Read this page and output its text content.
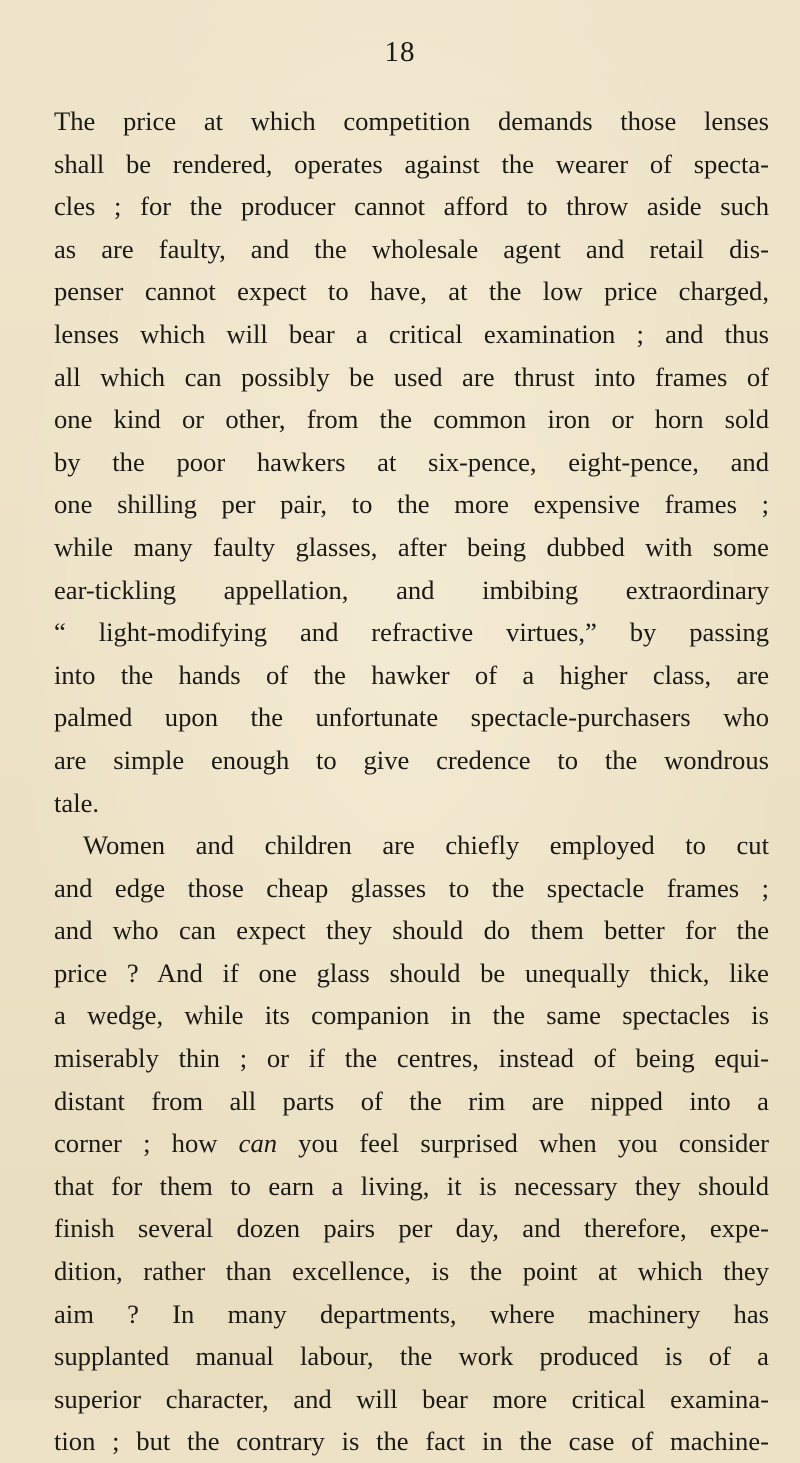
18
The price at which competition demands those lenses
shall be rendered, operates against the wearer of specta-
cles ; for the producer cannot afford to throw aside such
as are faulty, and the wholesale agent and retail dis-
penser cannot expect to have, at the low price charged,
lenses which will bear a critical examination ; and thus
all which can possibly be used are thrust into frames of
one kind or other, from the common iron or horn sold
by the poor hawkers at six-pence, eight-pence, and
one shilling per pair, to the more expensive frames ;
while many faulty glasses, after being dubbed with some
ear-tickling appellation, and imbibing extraordinary
“ light-modifying and refractive virtues,” by passing
into the hands of the hawker of a higher class, are
palmed upon the unfortunate spectacle-purchasers who
are simple enough to give credence to the wondrous
tale.
Women and children are chiefly employed to cut
and edge those cheap glasses to the spectacle frames ;
and who can expect they should do them better for the
price ? And if one glass should be unequally thick, like
a wedge, while its companion in the same spectacles is
miserably thin ; or if the centres, instead of being equi-
distant from all parts of the rim are nipped into a
corner ; how can you feel surprised when you consider
that for them to earn a living, it is necessary they should
finish several dozen pairs per day, and therefore, expe-
dition, rather than excellence, is the point at which they
aim ? In many departments, where machinery has
supplanted manual labour, the work produced is of a
superior character, and will bear more critical examina-
tion ; but the contrary is the fact in the case of machine-
